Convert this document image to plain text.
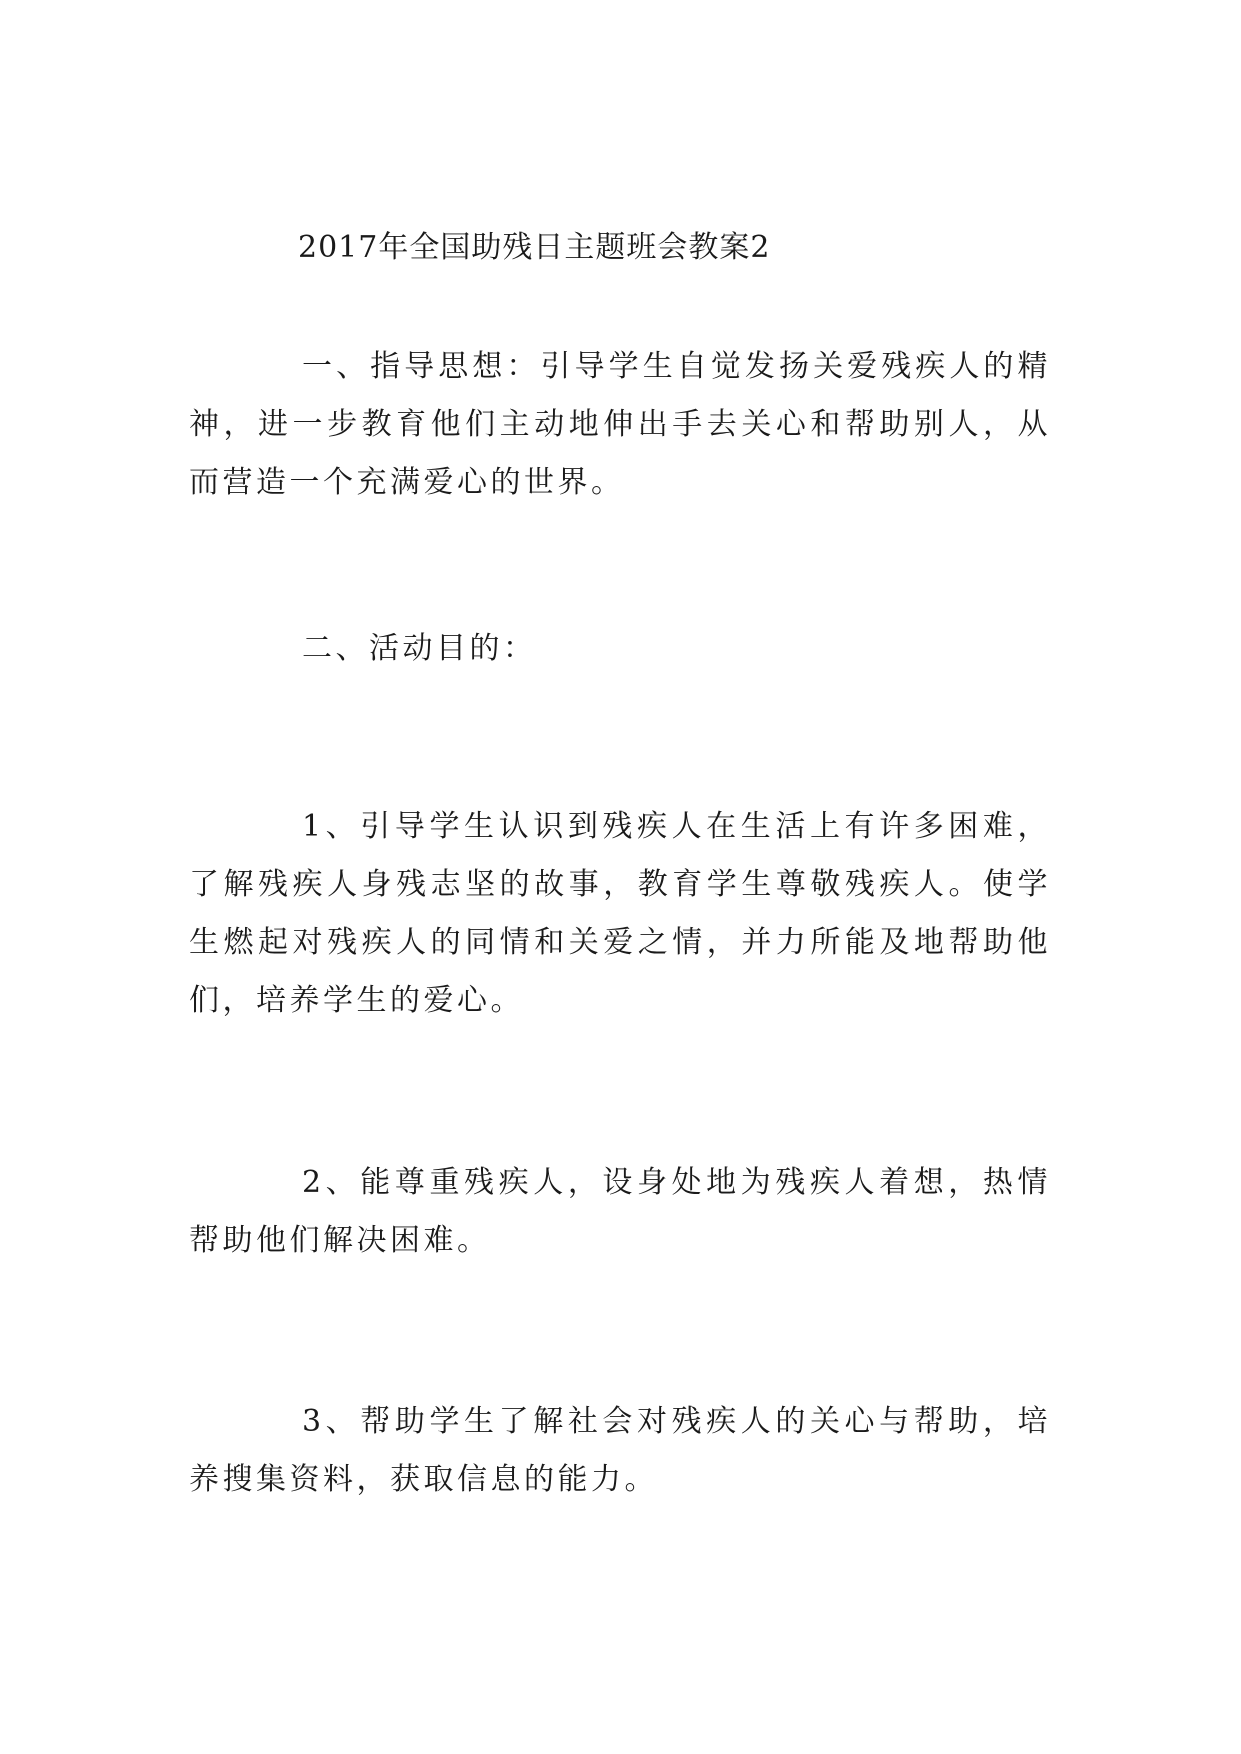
2017年全国助残日主题班会教案2

一、指导思想：引导学生自觉发扬关爱残疾人的精神，进一步教育他们主动地伸出手去关心和帮助别人，从而营造一个充满爱心的世界。

二、活动目的：

1、引导学生认识到残疾人在生活上有许多困难，了解残疾人身残志坚的故事，教育学生尊敬残疾人。使学生燃起对残疾人的同情和关爱之情，并力所能及地帮助他们，培养学生的爱心。

2、能尊重残疾人，设身处地为残疾人着想，热情帮助他们解决困难。

3、帮助学生了解社会对残疾人的关心与帮助，培养搜集资料，获取信息的能力。
